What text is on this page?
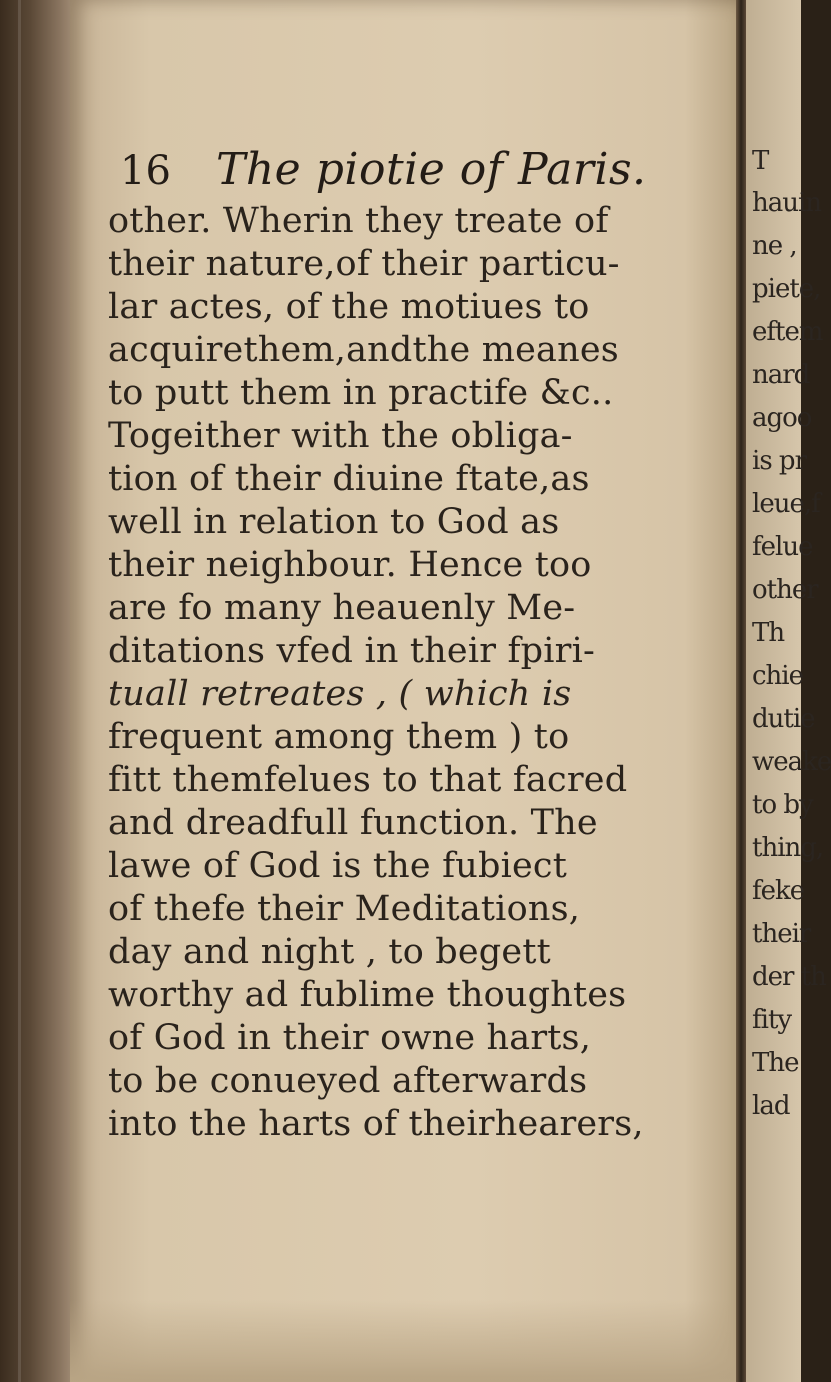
16 The piotie of Paris.
other. Wherin they treate of
their nature,of their particu-
lar actes, of the motiues to
acquirethem,andthe meanes
to putt them in practife &c..
Togeither with the obliga-
tion of their diuine ftate,as
well in relation to God as
their neighbour. Hence too
are fo many heauenly Me-
ditations vfed in their fpiri-
tuall retreates , ( which is
frequent among them ) to
fitt themfelues to that facred
and dreadfull function. The
lawe of God is the fubiect
of thefe their Meditations,
day and night , to begett
worthy ad fublime thoughtes
of God in their owne harts,
to be conueyed afterwards
into the harts of theirhearers,
T
hauin
ne ,
piete,
eftem
nard
agoo
is pr
leue,f
felue
other
Th
chie
dutie
weake
to by
thing,
feke
their
der th
fity
The
lad
